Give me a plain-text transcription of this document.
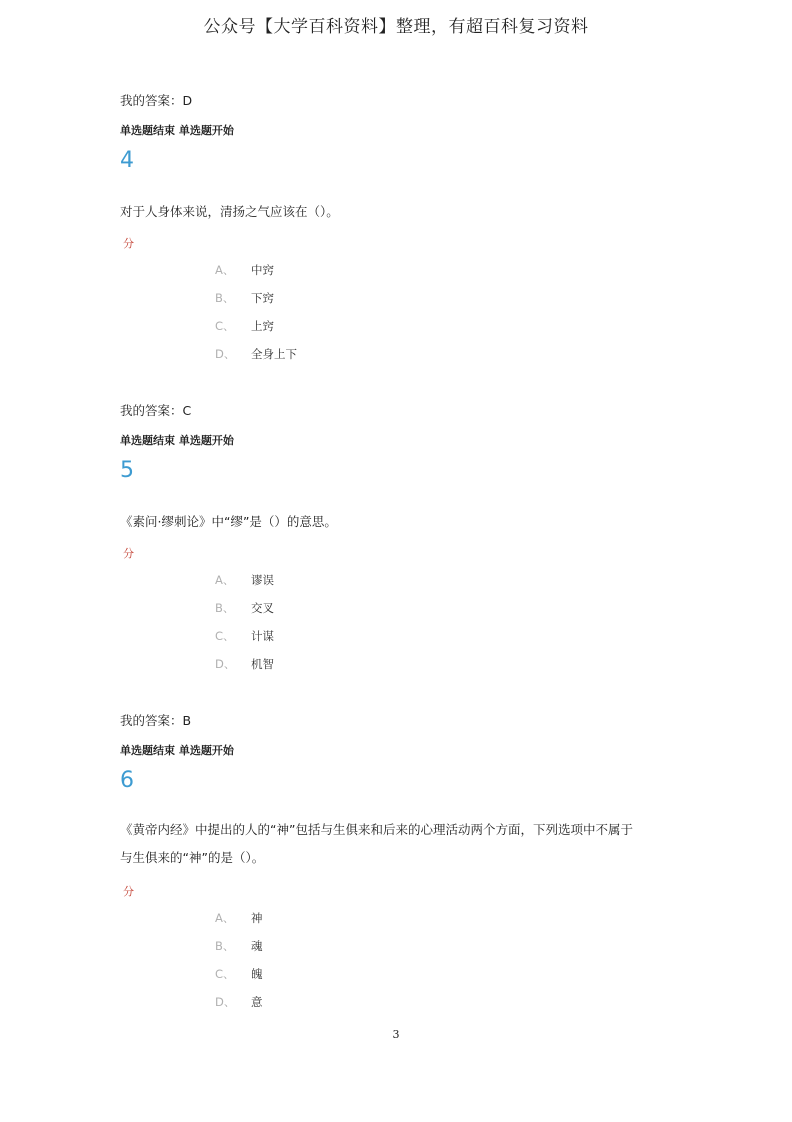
公众号【大学百科资料】整理，有超百科复习资料
我的答案：D
单选题结束 单选题开始
4
对于人身体来说，清扬之气应该在（）。
分
A、 中窍
B、 下窍
C、 上窍
D、 全身上下
我的答案：C
单选题结束 单选题开始
5
《素问·缪刺论》中“缪”是（）的意思。
分
A、 谬误
B、 交叉
C、 计谋
D、 机智
我的答案：B
单选题结束 单选题开始
6
《黄帝内经》中提出的人的“神”包括与生俱来和后来的心理活动两个方面，下列选项中不属于
与生俱来的“神”的是（）。
分
A、 神
B、 魂
C、 魄
D、 意
3
